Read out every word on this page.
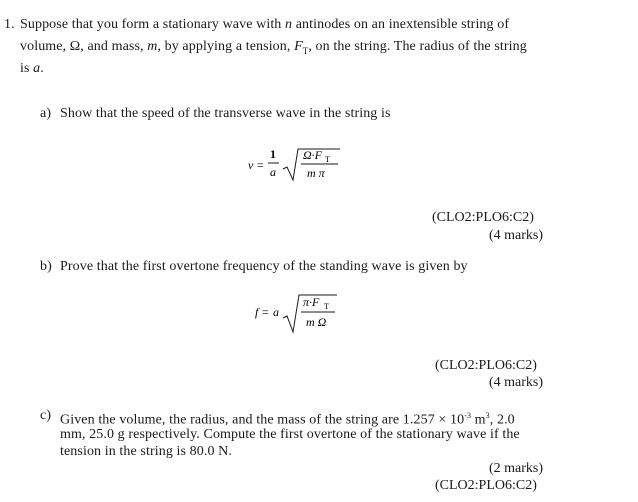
1. Suppose that you form a stationary wave with n antinodes on an inextensible string of
volume, Ω, and mass, m, by applying a tension, $F_T$, on the string. The radius of the string
is a.
a) Show that the speed of the transverse wave in the string is
v =
1
a
Ω·F T
m π
(CLO2:PLO6:C2)
(4 marks)
b) Prove that the first overtone frequency of the standing wave is given by
f = a
π·F T
m Ω
(CLO2:PLO6:C2)
(4 marks)
c) Given the volume, the radius, and the mass of the string are $1.257 \times 10^{-3}$ $m^3$, 2.0
mm, 25.0 g respectively. Compute the first overtone of the stationary wave if the
tension in the string is 80.0 N.
(2 marks)
(CLO2:PLO6:C2)
